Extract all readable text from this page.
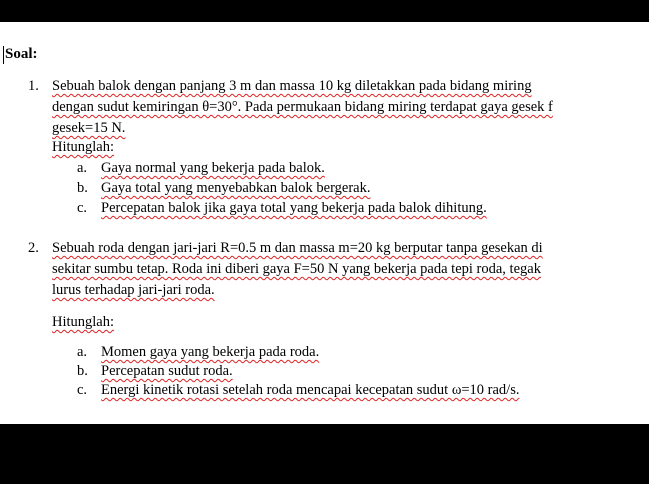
Soal:
1. Sebuah balok dengan panjang 3 m dan massa 10 kg diletakkan pada bidang miring
dengan sudut kemiringan θ=30°. Pada permukaan bidang miring terdapat gaya gesek f
gesek=15 N.
Hitunglah:
a. Gaya normal yang bekerja pada balok.
b. Gaya total yang menyebabkan balok bergerak.
c. Percepatan balok jika gaya total yang bekerja pada balok dihitung.
2. Sebuah roda dengan jari-jari R=0.5 m dan massa m=20 kg berputar tanpa gesekan di
sekitar sumbu tetap. Roda ini diberi gaya F=50 N yang bekerja pada tepi roda, tegak
lurus terhadap jari-jari roda.
Hitunglah:
a. Momen gaya yang bekerja pada roda.
b. Percepatan sudut roda.
c. Energi kinetik rotasi setelah roda mencapai kecepatan sudut ω=10 rad/s.
